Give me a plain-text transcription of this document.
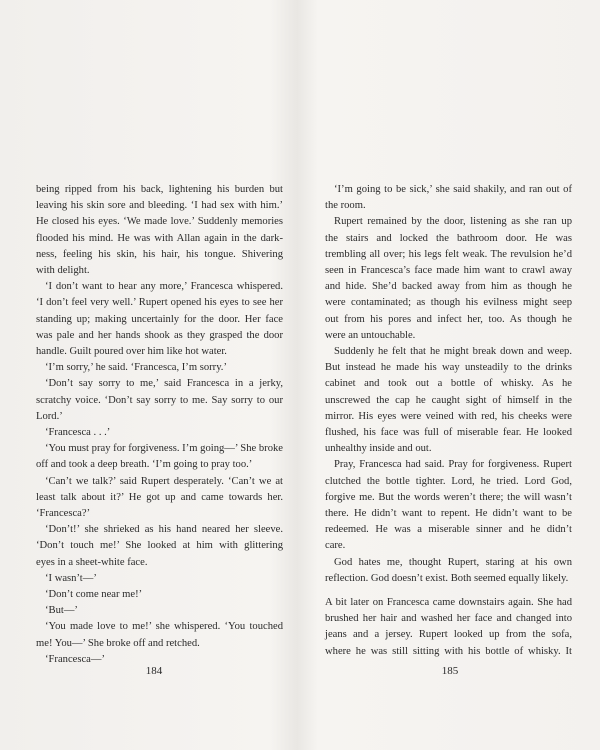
being ripped from his back, lightening his burden but
leaving his skin sore and bleeding. ‘I had sex with him.’
He closed his eyes. ‘We made love.’ Suddenly memories
flooded his mind. He was with Allan again in the dark-
ness, feeling his skin, his hair, his tongue. Shivering
with delight.
‘I don’t want to hear any more,’ Francesca whispered.
‘I don’t feel very well.’ Rupert opened his eyes to see her
standing up; making uncertainly for the door. Her face
was pale and her hands shook as they grasped the door
handle. Guilt poured over him like hot water.
‘I’m sorry,’ he said. ‘Francesca, I’m sorry.’
‘Don’t say sorry to me,’ said Francesca in a jerky,
scratchy voice. ‘Don’t say sorry to me. Say sorry to our
Lord.’
‘Francesca . . .’
‘You must pray for forgiveness. I’m going—’ She broke
off and took a deep breath. ‘I’m going to pray too.’
‘Can’t we talk?’ said Rupert desperately. ‘Can’t we at
least talk about it?’ He got up and came towards her.
‘Francesca?’
‘Don’t!’ she shrieked as his hand neared her sleeve.
‘Don’t touch me!’ She looked at him with glittering
eyes in a sheet-white face.
‘I wasn’t—’
‘Don’t come near me!’
‘But—’
‘You made love to me!’ she whispered. ‘You touched
me! You—’ She broke off and retched.
‘Francesca—’
‘I’m going to be sick,’ she said shakily, and ran out of
the room.
Rupert remained by the door, listening as she ran up
the stairs and locked the bathroom door. He was
trembling all over; his legs felt weak. The revulsion he’d
seen in Francesca’s face made him want to crawl away
and hide. She’d backed away from him as though he
were contaminated; as though his evilness might seep
out from his pores and infect her, too. As though he
were an untouchable.
Suddenly he felt that he might break down and weep.
But instead he made his way unsteadily to the drinks
cabinet and took out a bottle of whisky. As he
unscrewed the cap he caught sight of himself in the
mirror. His eyes were veined with red, his cheeks were
flushed, his face was full of miserable fear. He looked
unhealthy inside and out.
Pray, Francesca had said. Pray for forgiveness. Rupert
clutched the bottle tighter. Lord, he tried. Lord God,
forgive me. But the words weren’t there; the will wasn’t
there. He didn’t want to repent. He didn’t want to be
redeemed. He was a miserable sinner and he didn’t
care.
God hates me, thought Rupert, staring at his own
reflection. God doesn’t exist. Both seemed equally likely.
A bit later on Francesca came downstairs again. She had
brushed her hair and washed her face and changed into
jeans and a jersey. Rupert looked up from the sofa,
where he was still sitting with his bottle of whisky. It
184	185
